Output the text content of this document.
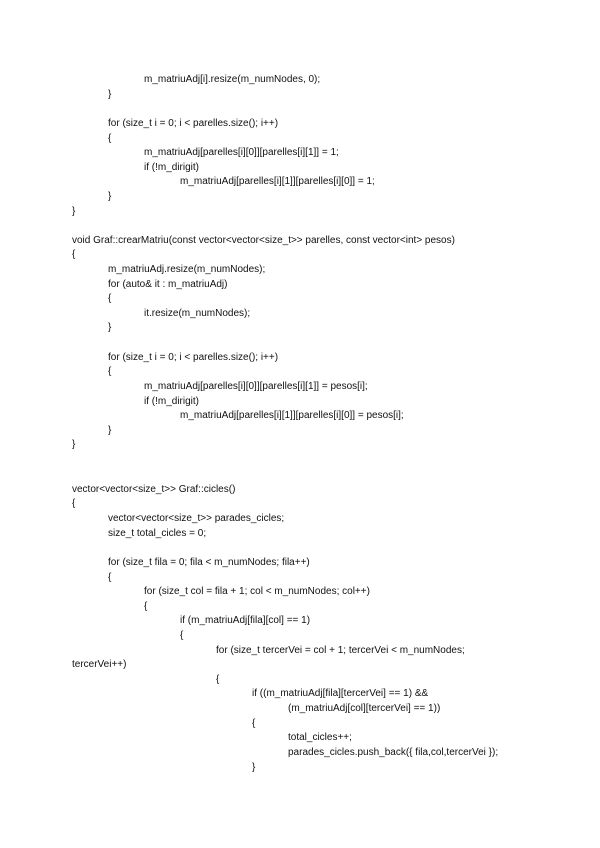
m_matriuAdj[i].resize(m_numNodes, 0);
}
for (size_t i = 0; i < parelles.size(); i++)
{
m_matriuAdj[parelles[i][0]][parelles[i][1]] = 1;
if (!m_dirigit)
m_matriuAdj[parelles[i][1]][parelles[i][0]] = 1;
}
}
void Graf::crearMatriu(const vector<vector<size_t>> parelles, const vector<int> pesos)
{
m_matriuAdj.resize(m_numNodes);
for (auto& it : m_matriuAdj)
{
it.resize(m_numNodes);
}
for (size_t i = 0; i < parelles.size(); i++)
{
m_matriuAdj[parelles[i][0]][parelles[i][1]] = pesos[i];
if (!m_dirigit)
m_matriuAdj[parelles[i][1]][parelles[i][0]] = pesos[i];
}
}
vector<vector<size_t>> Graf::cicles()
{
vector<vector<size_t>> parades_cicles;
size_t total_cicles = 0;
for (size_t fila = 0; fila < m_numNodes; fila++)
{
for (size_t col = fila + 1; col < m_numNodes; col++)
{
if (m_matriuAdj[fila][col] == 1)
{
for (size_t tercerVei = col + 1; tercerVei < m_numNodes;
tercerVei++)
{
if ((m_matriuAdj[fila][tercerVei] == 1) &&
(m_matriuAdj[col][tercerVei] == 1))
{
total_cicles++;
parades_cicles.push_back({ fila,col,tercerVei });
}
